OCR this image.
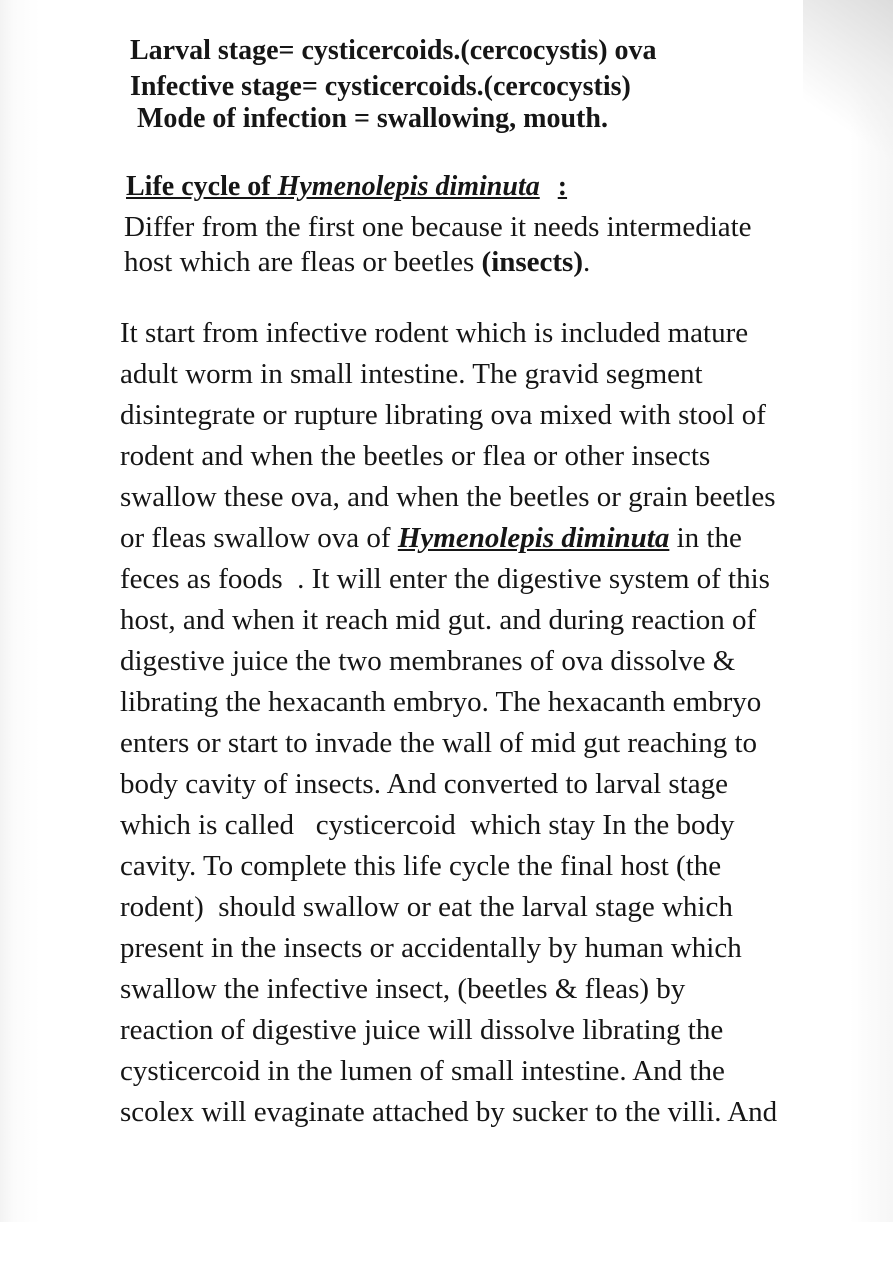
Larval stage= cysticercoids.(cercocystis) ova
Infective stage= cysticercoids.(cercocystis)
Mode of infection = swallowing, mouth.
Life cycle of Hymenolepis diminuta :
Differ from the first one because it needs intermediate
host which are fleas or beetles (insects).
It start from infective rodent which is included mature
adult worm in small intestine. The gravid segment
disintegrate or rupture librating ova mixed with stool of
rodent and when the beetles or flea or other insects
swallow these ova, and when the beetles or grain beetles
or fleas swallow ova of Hymenolepis diminuta in the
feces as foods  . It will enter the digestive system of this
host, and when it reach mid gut. and during reaction of
digestive juice the two membranes of ova dissolve &
librating the hexacanth embryo. The hexacanth embryo
enters or start to invade the wall of mid gut reaching to
body cavity of insects. And converted to larval stage
which is called   cysticercoid  which stay In the body
cavity. To complete this life cycle the final host (the
rodent)  should swallow or eat the larval stage which
present in the insects or accidentally by human which
swallow the infective insect, (beetles & fleas) by
reaction of digestive juice will dissolve librating the
cysticercoid in the lumen of small intestine. And the
scolex will evaginate attached by sucker to the villi. And
